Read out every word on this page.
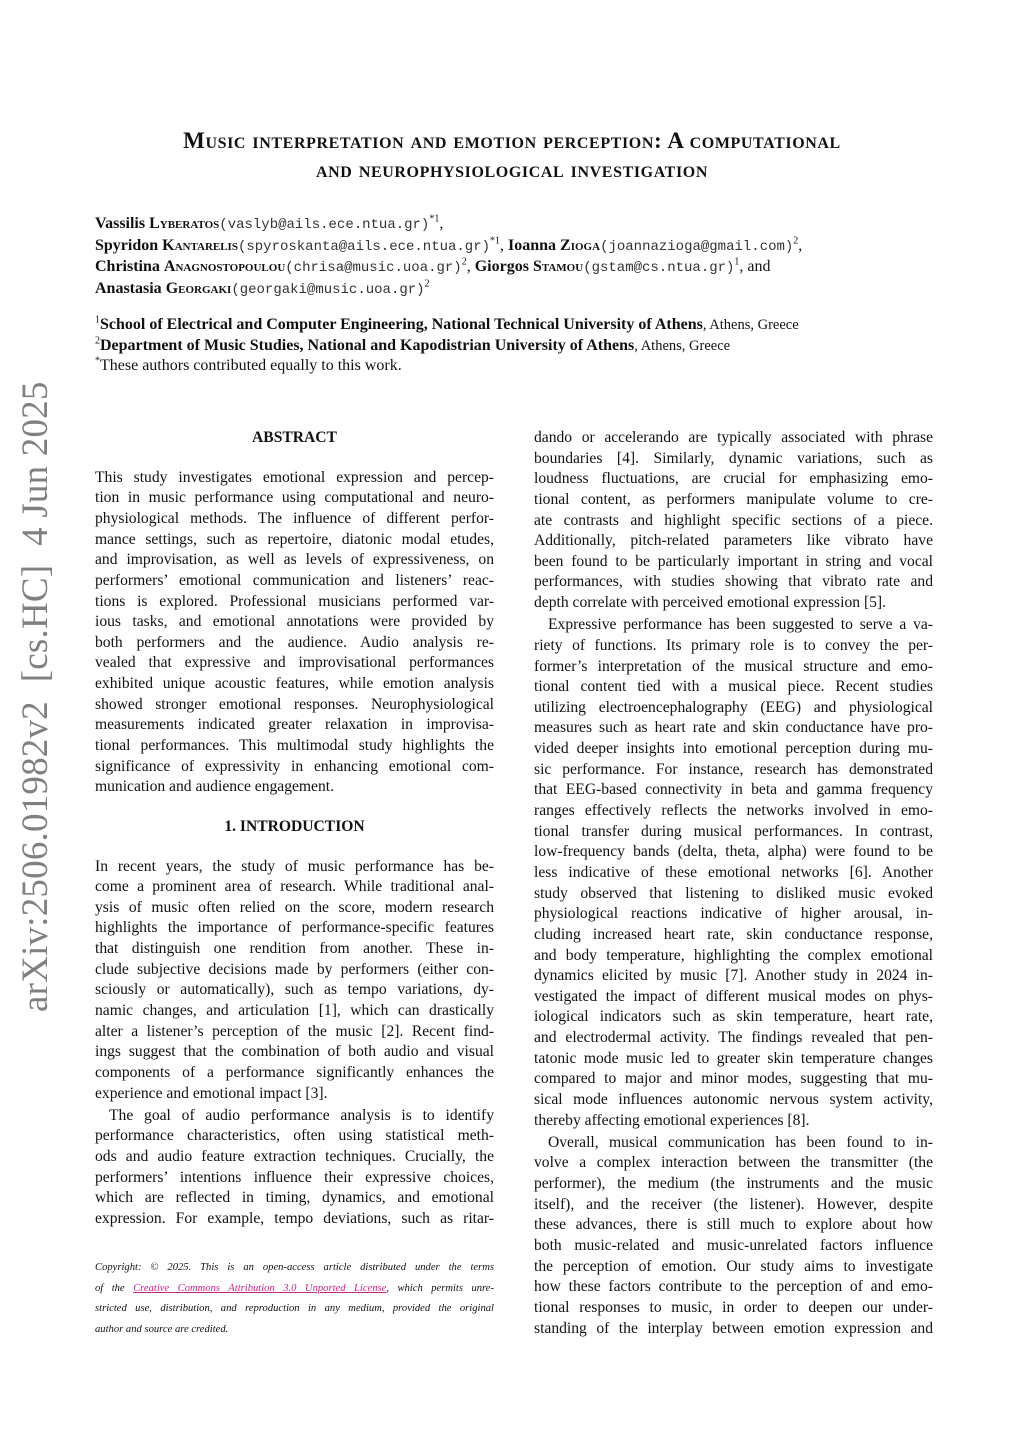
Music interpretation and emotion perception: A computational
and neurophysiological investigation
Vassilis Lyberatos(vaslyb@ails.ece.ntua.gr)$^{*1}$,
Spyridon Kantarelis(spyroskanta@ails.ece.ntua.gr)$^{*1}$, Ioanna Zioga(joannazioga@gmail.com)$^2$,
Christina Anagnostopoulou(chrisa@music.uoa.gr)$^2$, Giorgos Stamou(gstam@cs.ntua.gr)$^1$, and
Anastasia Georgaki(georgaki@music.uoa.gr)$^2$
$^1$School of Electrical and Computer Engineering, National Technical University of Athens, Athens, Greece
$^2$Department of Music Studies, National and Kapodistrian University of Athens, Athens, Greece
*These authors contributed equally to this work.
arXiv:2506.01982v2  [cs.HC]  4 Jun 2025	ABSTRACT
This study investigates emotional expression and percep-
tion in music performance using computational and neuro-
physiological methods. The influence of different perfor-
mance settings, such as repertoire, diatonic modal etudes,
and improvisation, as well as levels of expressiveness, on
performers’ emotional communication and listeners’ reac-
tions is explored. Professional musicians performed var-
ious tasks, and emotional annotations were provided by
both performers and the audience. Audio analysis re-
vealed that expressive and improvisational performances
exhibited unique acoustic features, while emotion analysis
showed stronger emotional responses. Neurophysiological
measurements indicated greater relaxation in improvisa-
tional performances. This multimodal study highlights the
significance of expressivity in enhancing emotional com-
munication and audience engagement.
1. INTRODUCTION
In recent years, the study of music performance has be-
come a prominent area of research. While traditional anal-
ysis of music often relied on the score, modern research
highlights the importance of performance-specific features
that distinguish one rendition from another. These in-
clude subjective decisions made by performers (either con-
sciously or automatically), such as tempo variations, dy-
namic changes, and articulation [1], which can drastically
alter a listener’s perception of the music [2]. Recent find-
ings suggest that the combination of both audio and visual
components of a performance significantly enhances the
experience and emotional impact [3].
The goal of audio performance analysis is to identify
performance characteristics, often using statistical meth-
ods and audio feature extraction techniques. Crucially, the
performers’ intentions influence their expressive choices,
which are reflected in timing, dynamics, and emotional
expression. For example, tempo deviations, such as ritar-
dando or accelerando are typically associated with phrase
boundaries [4]. Similarly, dynamic variations, such as
loudness fluctuations, are crucial for emphasizing emo-
tional content, as performers manipulate volume to cre-
ate contrasts and highlight specific sections of a piece.
Additionally, pitch-related parameters like vibrato have
been found to be particularly important in string and vocal
performances, with studies showing that vibrato rate and
depth correlate with perceived emotional expression [5].
Expressive performance has been suggested to serve a va-
riety of functions. Its primary role is to convey the per-
former’s interpretation of the musical structure and emo-
tional content tied with a musical piece. Recent studies
utilizing electroencephalography (EEG) and physiological
measures such as heart rate and skin conductance have pro-
vided deeper insights into emotional perception during mu-
sic performance. For instance, research has demonstrated
that EEG-based connectivity in beta and gamma frequency
ranges effectively reflects the networks involved in emo-
tional transfer during musical performances. In contrast,
low-frequency bands (delta, theta, alpha) were found to be
less indicative of these emotional networks [6]. Another
study observed that listening to disliked music evoked
physiological reactions indicative of higher arousal, in-
cluding increased heart rate, skin conductance response,
and body temperature, highlighting the complex emotional
dynamics elicited by music [7]. Another study in 2024 in-
vestigated the impact of different musical modes on phys-
iological indicators such as skin temperature, heart rate,
and electrodermal activity. The findings revealed that pen-
tatonic mode music led to greater skin temperature changes
compared to major and minor modes, suggesting that mu-
sical mode influences autonomic nervous system activity,
thereby affecting emotional experiences [8].
Overall, musical communication has been found to in-
volve a complex interaction between the transmitter (the
performer), the medium (the instruments and the music
itself), and the receiver (the listener). However, despite
these advances, there is still much to explore about how
both music-related and music-unrelated factors influence
the perception of emotion. Our study aims to investigate
how these factors contribute to the perception of and emo-
tional responses to music, in order to deepen our under-
standing of the interplay between emotion expression and
Copyright: © 2025. This is an open-access article distributed under the terms
of the Creative Commons Attribution 3.0 Unported License, which permits unre-
stricted use, distribution, and reproduction in any medium, provided the original
author and source are credited.
